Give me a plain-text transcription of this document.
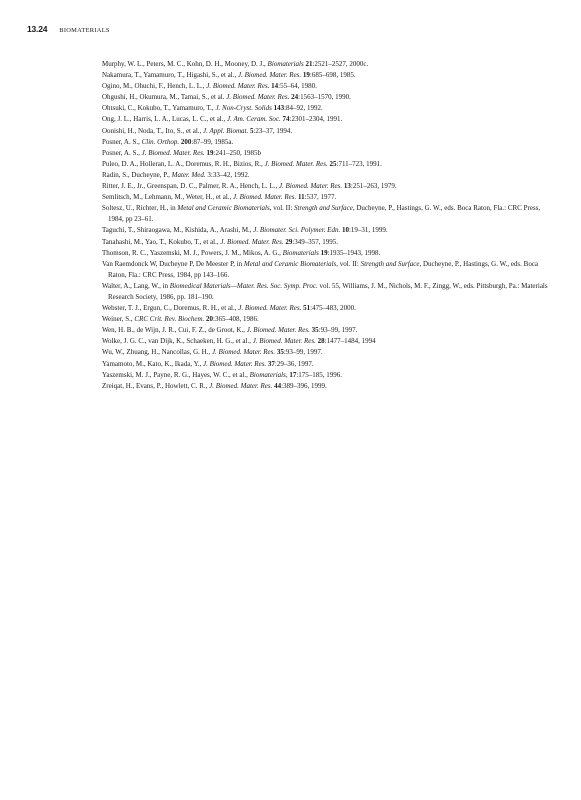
13.24 BIOMATERIALS
Murphy, W. L., Peters, M. C., Kohn, D. H., Mooney, D. J., Biomaterials 21:2521–2527, 2000c.
Nakamura, T., Yamamuro, T., Higashi, S., et al., J. Biomed. Mater. Res. 19:685–698, 1985.
Ogino, M., Ohuchi, F., Hench, L. L., J. Biomed. Mater. Res. 14:55–64, 1980.
Ohgushi, H., Okumura, M., Tamai, S., et al. J. Biomed. Mater. Res. 24:1563–1570, 1990.
Ohtsuki, C., Kokubo, T., Yamamuro, T., J. Non-Cryst. Solids 143:84–92, 1992.
Ong, J. L., Harris, L. A., Lucas, L. C., et al., J. Am. Ceram. Soc. 74:2301–2304, 1991.
Oonishi, H., Noda, T., Ito, S., et al., J. Appl. Biomat. 5:23–37, 1994.
Posner, A. S., Clin. Orthop. 200:87–99, 1985a.
Posner, A. S., J. Biomed. Mater. Res. 19:241–250, 1985b
Puleo, D. A., Holleran, L. A., Doremus, R. H., Bizios, R., J. Biomed. Mater. Res. 25:711–723, 1991.
Radin, S., Ducheyne, P., Mater. Med. 3:33–42, 1992.
Ritter, J. E., Jr., Greenspan, D. C., Palmer, R. A., Hench, L. L., J. Biomed. Mater. Res. 13:251–263, 1979.
Semlitsch, M., Lehmann, M., Weter, H., et al., J. Biomed. Mater. Res. 11:537, 1977.
Soltesz, U., Richter, H., in Metal and Ceramic Biomaterials, vol. II: Strength and Surface, Ducheyne, P., Hastings, G. W., eds. Boca Raton, Fla.: CRC Press, 1984, pp 23–61.
Taguchi, T., Shiraogawa, M., Kishida, A., Arashi, M., J. Biomater. Sci. Polymer. Edn. 10:19–31, 1999.
Tanahashi, M., Yao, T., Kokubo, T., et al., J. Biomed. Mater. Res. 29:349–357, 1995.
Thomson, R. C., Yaszemski, M. J., Powers, J. M., Mikos, A. G., Biomaterials 19:1935–1943, 1998.
Van Raemdonck W, Ducheyne P, De Meester P, in Metal and Ceramic Biomaterials, vol. II: Strength and Surface, Ducheyne, P., Hastings, G. W., eds. Boca Raton, Fla.: CRC Press, 1984, pp 143–166.
Walter, A., Lang, W., in Biomedical Materials—Mater. Res. Soc. Symp. Proc. vol. 55, Williams, J. M., Nichols, M. F., Zingg, W., eds. Pittsburgh, Pa.: Materials Research Society, 1986, pp. 181–190.
Webster, T. J., Ergun, C., Doremus, R. H., et al., J. Biomed. Mater. Res. 51:475–483, 2000.
Weiner, S., CRC Crit. Rev. Biochem. 20:365–408, 1986.
Wen, H. B., de Wijn, J. R., Cui, F. Z., de Groot, K., J. Biomed. Mater. Res. 35:93–99, 1997.
Wolke, J. G. C., van Dijk, K., Schaeken, H. G., et al., J. Biomed. Mater. Res. 28:1477–1484, 1994
Wu, W., Zhuang, H., Nancollas, G. H., J. Biomed. Mater. Res. 35:93–99, 1997.
Yamamoto, M., Kato, K., Ikada, Y., J. Biomed. Mater. Res. 37:29–36, 1997.
Yaszemski, M. J., Payne, R. G., Hayes, W. C., et al., Biomaterials, 17:175–185, 1996.
Zreiqat, H., Evans, P., Howlett, C. R., J. Biomed. Mater. Res. 44:389–396, 1999.
